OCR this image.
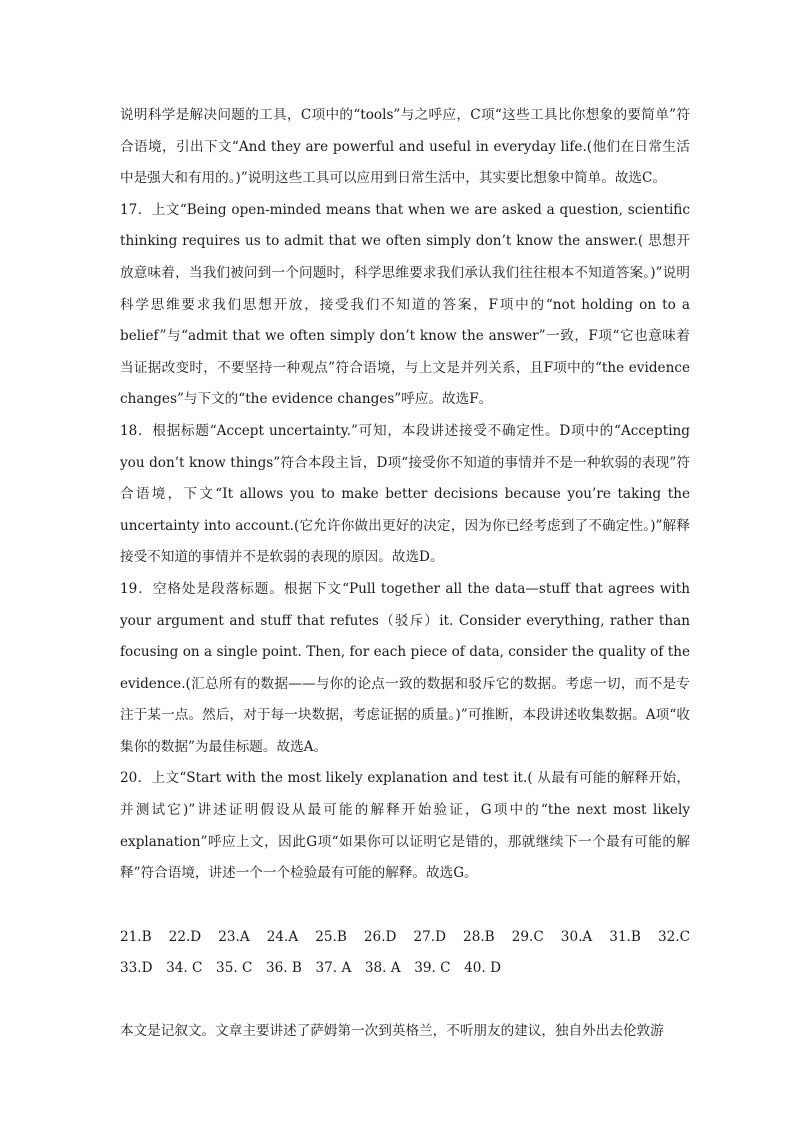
说明科学是解决问题的工具，C项中的“tools”与之呼应，C项“这些工具比你想象的要简单”符合语境，引出下文“And they are powerful and useful in everyday life.(他们在日常生活中是强大和有用的。)”说明这些工具可以应用到日常生活中，其实要比想象中简单。故选C。

17．上文“Being open-minded means that when we are asked a question, scientific thinking requires us to admit that we often simply don’t know the answer.( 思想开放意味着，当我们被问到一个问题时，科学思维要求我们承认我们往往根本不知道答案。)”说明科学思维要求我们思想开放，接受我们不知道的答案，F项中的“not holding on to a belief”与“admit that we often simply don’t know the answer”一致，F项“它也意味着当证据改变时，不要坚持一种观点”符合语境，与上文是并列关系，且F项中的“the evidence changes”与下文的“the evidence changes”呼应。故选F。

18．根据标题“Accept uncertainty.”可知，本段讲述接受不确定性。D项中的“Accepting you don’t know things”符合本段主旨，D项“接受你不知道的事情并不是一种软弱的表现”符合语境，下文“It allows you to make better decisions because you’re taking the uncertainty into account.(它允许你做出更好的决定，因为你已经考虑到了不确定性。)”解释接受不知道的事情并不是软弱的表现的原因。故选D。

19．空格处是段落标题。根据下文“Pull together all the data—stuff that agrees with your argument and stuff that refutes（驳斥）it. Consider everything, rather than focusing on a single point. Then, for each piece of data, consider the quality of the evidence.(汇总所有的数据——与你的论点一致的数据和驳斥它的数据。考虑一切，而不是专注于某一点。然后，对于每一块数据，考虑证据的质量。)”可推断，本段讲述收集数据。A项“收集你的数据”为最佳标题。故选A。

20．上文“Start with the most likely explanation and test it.( 从最有可能的解释开始，并测试它)”讲述证明假设从最可能的解释开始验证，G项中的“the next most likely explanation”呼应上文，因此G项“如果你可以证明它是错的，那就继续下一个最有可能的解释”符合语境，讲述一个一个检验最有可能的解释。故选G。

21.B　22.D　23.A　24.A　25.B　26.D　27.D　28.B　29.C　30.A　31.B　32.C　33.D　34. C　35. C　36. B　37. A　38. A　39. C　40. D

本文是记叙文。文章主要讲述了萨姆第一次到英格兰，不听朋友的建议，独自外出去伦敦游
